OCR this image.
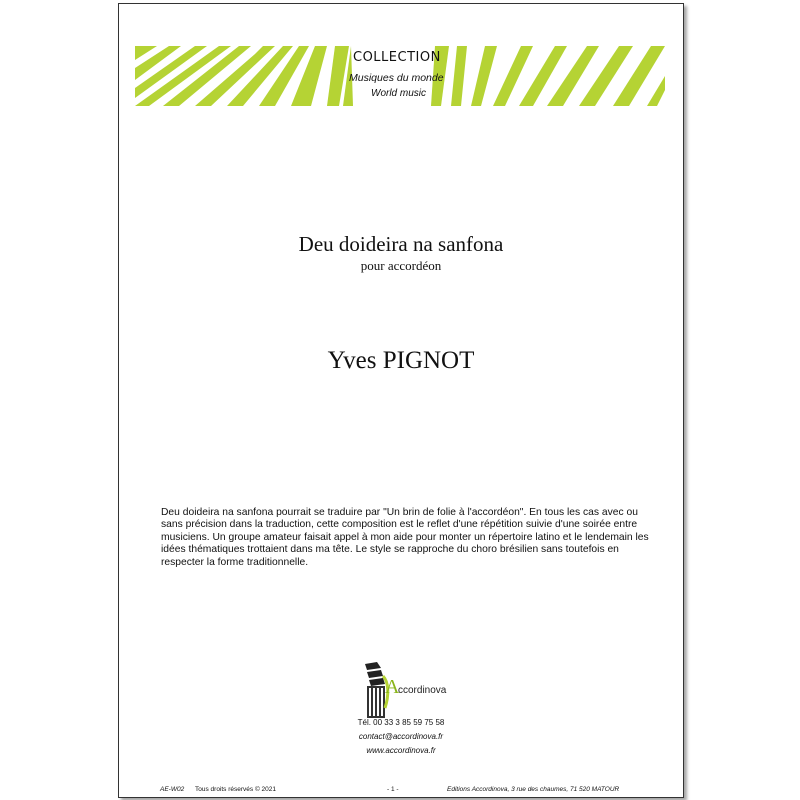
COLLECTION
Musiques du monde
World music
Deu doideira na sanfona
pour accordéon
Yves PIGNOT
Deu doideira na sanfona pourrait se traduire par "Un brin de folie à l'accordéon". En tous les cas avec ou sans précision dans la traduction, cette composition est le reflet d'une répétition suivie d'une soirée entre musiciens. Un groupe amateur faisait appel à mon aide pour monter un répertoire latino et le lendemain les idées thématiques trottaient dans ma tête. Le style se rapproche du choro brésilien sans toutefois en respecter la forme traditionnelle.
A
ccordinova
Tél. 00 33 3 85 59 75 58
contact@accordinova.fr
www.accordinova.fr
AE-W02 Tous droits réservés © 2021	- 1 -	Editions Accordinova, 3 rue des chaumes, 71 520 MATOUR
